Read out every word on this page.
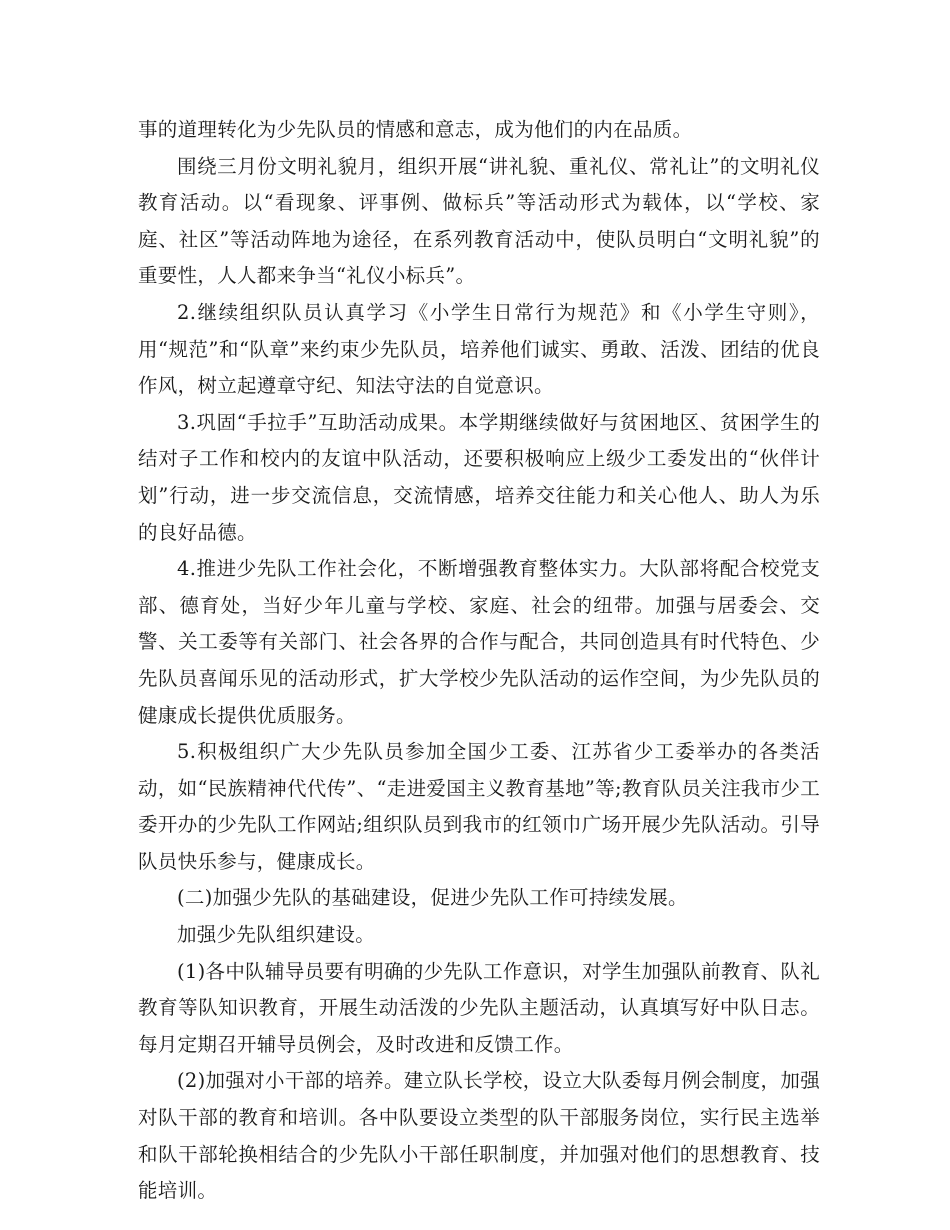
事的道理转化为少先队员的情感和意志，成为他们的内在品质。

围绕三月份文明礼貌月，组织开展“讲礼貌、重礼仪、常礼让”的文明礼仪教育活动。以“看现象、评事例、做标兵”等活动形式为载体，以“学校、家庭、社区”等活动阵地为途径，在系列教育活动中，使队员明白“文明礼貌”的重要性，人人都来争当“礼仪小标兵”。

2.继续组织队员认真学习《小学生日常行为规范》和《小学生守则》，用“规范”和“队章”来约束少先队员，培养他们诚实、勇敢、活泼、团结的优良作风，树立起遵章守纪、知法守法的自觉意识。

3.巩固“手拉手”互助活动成果。本学期继续做好与贫困地区、贫困学生的结对子工作和校内的友谊中队活动，还要积极响应上级少工委发出的“伙伴计划”行动，进一步交流信息，交流情感，培养交往能力和关心他人、助人为乐的良好品德。

4.推进少先队工作社会化，不断增强教育整体实力。大队部将配合校党支部、德育处，当好少年儿童与学校、家庭、社会的纽带。加强与居委会、交警、关工委等有关部门、社会各界的合作与配合，共同创造具有时代特色、少先队员喜闻乐见的活动形式，扩大学校少先队活动的运作空间，为少先队员的健康成长提供优质服务。

5.积极组织广大少先队员参加全国少工委、江苏省少工委举办的各类活动，如“民族精神代代传”、“走进爱国主义教育基地”等;教育队员关注我市少工委开办的少先队工作网站;组织队员到我市的红领巾广场开展少先队活动。引导队员快乐参与，健康成长。

(二)加强少先队的基础建设，促进少先队工作可持续发展。

加强少先队组织建设。

(1)各中队辅导员要有明确的少先队工作意识，对学生加强队前教育、队礼教育等队知识教育，开展生动活泼的少先队主题活动，认真填写好中队日志。每月定期召开辅导员例会，及时改进和反馈工作。

(2)加强对小干部的培养。建立队长学校，设立大队委每月例会制度，加强对队干部的教育和培训。各中队要设立类型的队干部服务岗位，实行民主选举和队干部轮换相结合的少先队小干部任职制度，并加强对他们的思想教育、技能培训。
